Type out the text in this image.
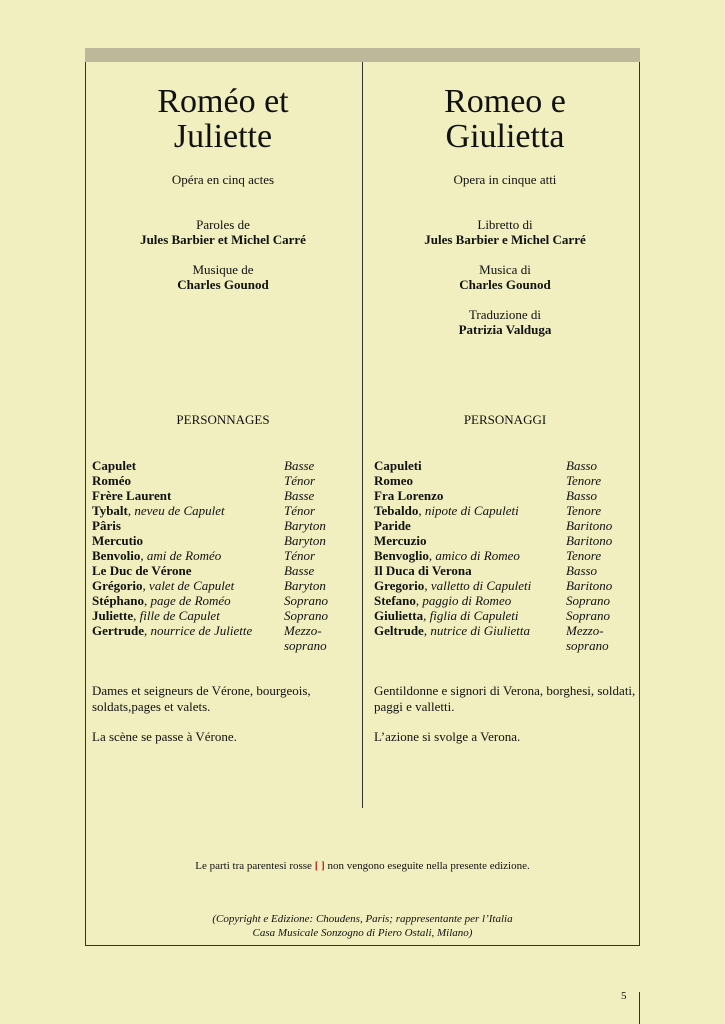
Roméo et
Juliette
Opéra en cinq actes
Paroles de
Jules Barbier et Michel Carré
Musique de
Charles Gounod
PERSONNAGES
Capulet	Basse
Roméo	Ténor
Frère Laurent	Basse
Tybalt, neveu de Capulet	Ténor
Pâris	Baryton
Mercutio	Baryton
Benvolio, ami de Roméo	Ténor
Le Duc de Vérone	Basse
Grégorio, valet de Capulet	Baryton
Stéphano, page de Roméo	Soprano
Juliette, fille de Capulet	Soprano
Gertrude, nourrice de Juliette	Mezzo-
soprano
Dames et seigneurs de Vérone, bourgeois, soldats,pages et valets.
La scène se passe à Vérone.
Romeo e
Giulietta
Opera in cinque atti
Libretto di
Jules Barbier e Michel Carré
Musica di
Charles Gounod
Traduzione di
Patrizia Valduga
PERSONAGGI
Capuleti	Basso
Romeo	Tenore
Fra Lorenzo	Basso
Tebaldo, nipote di Capuleti	Tenore
Paride	Baritono
Mercuzio	Baritono
Benvoglio, amico di Romeo	Tenore
Il Duca di Verona	Basso
Gregorio, valletto di Capuleti	Baritono
Stefano, paggio di Romeo	Soprano
Giulietta, figlia di Capuleti	Soprano
Geltrude, nutrice di Giulietta	Mezzo-
soprano
Gentildonne e signori di Verona, borghesi, soldati, paggi e valletti.
L’azione si svolge a Verona.
Le parti tra parentesi rosse [ ] non vengono eseguite nella presente edizione.
(Copyright e Edizione: Choudens, Paris; rappresentante per l’Italia
Casa Musicale Sonzogno di Piero Ostali, Milano)
5
